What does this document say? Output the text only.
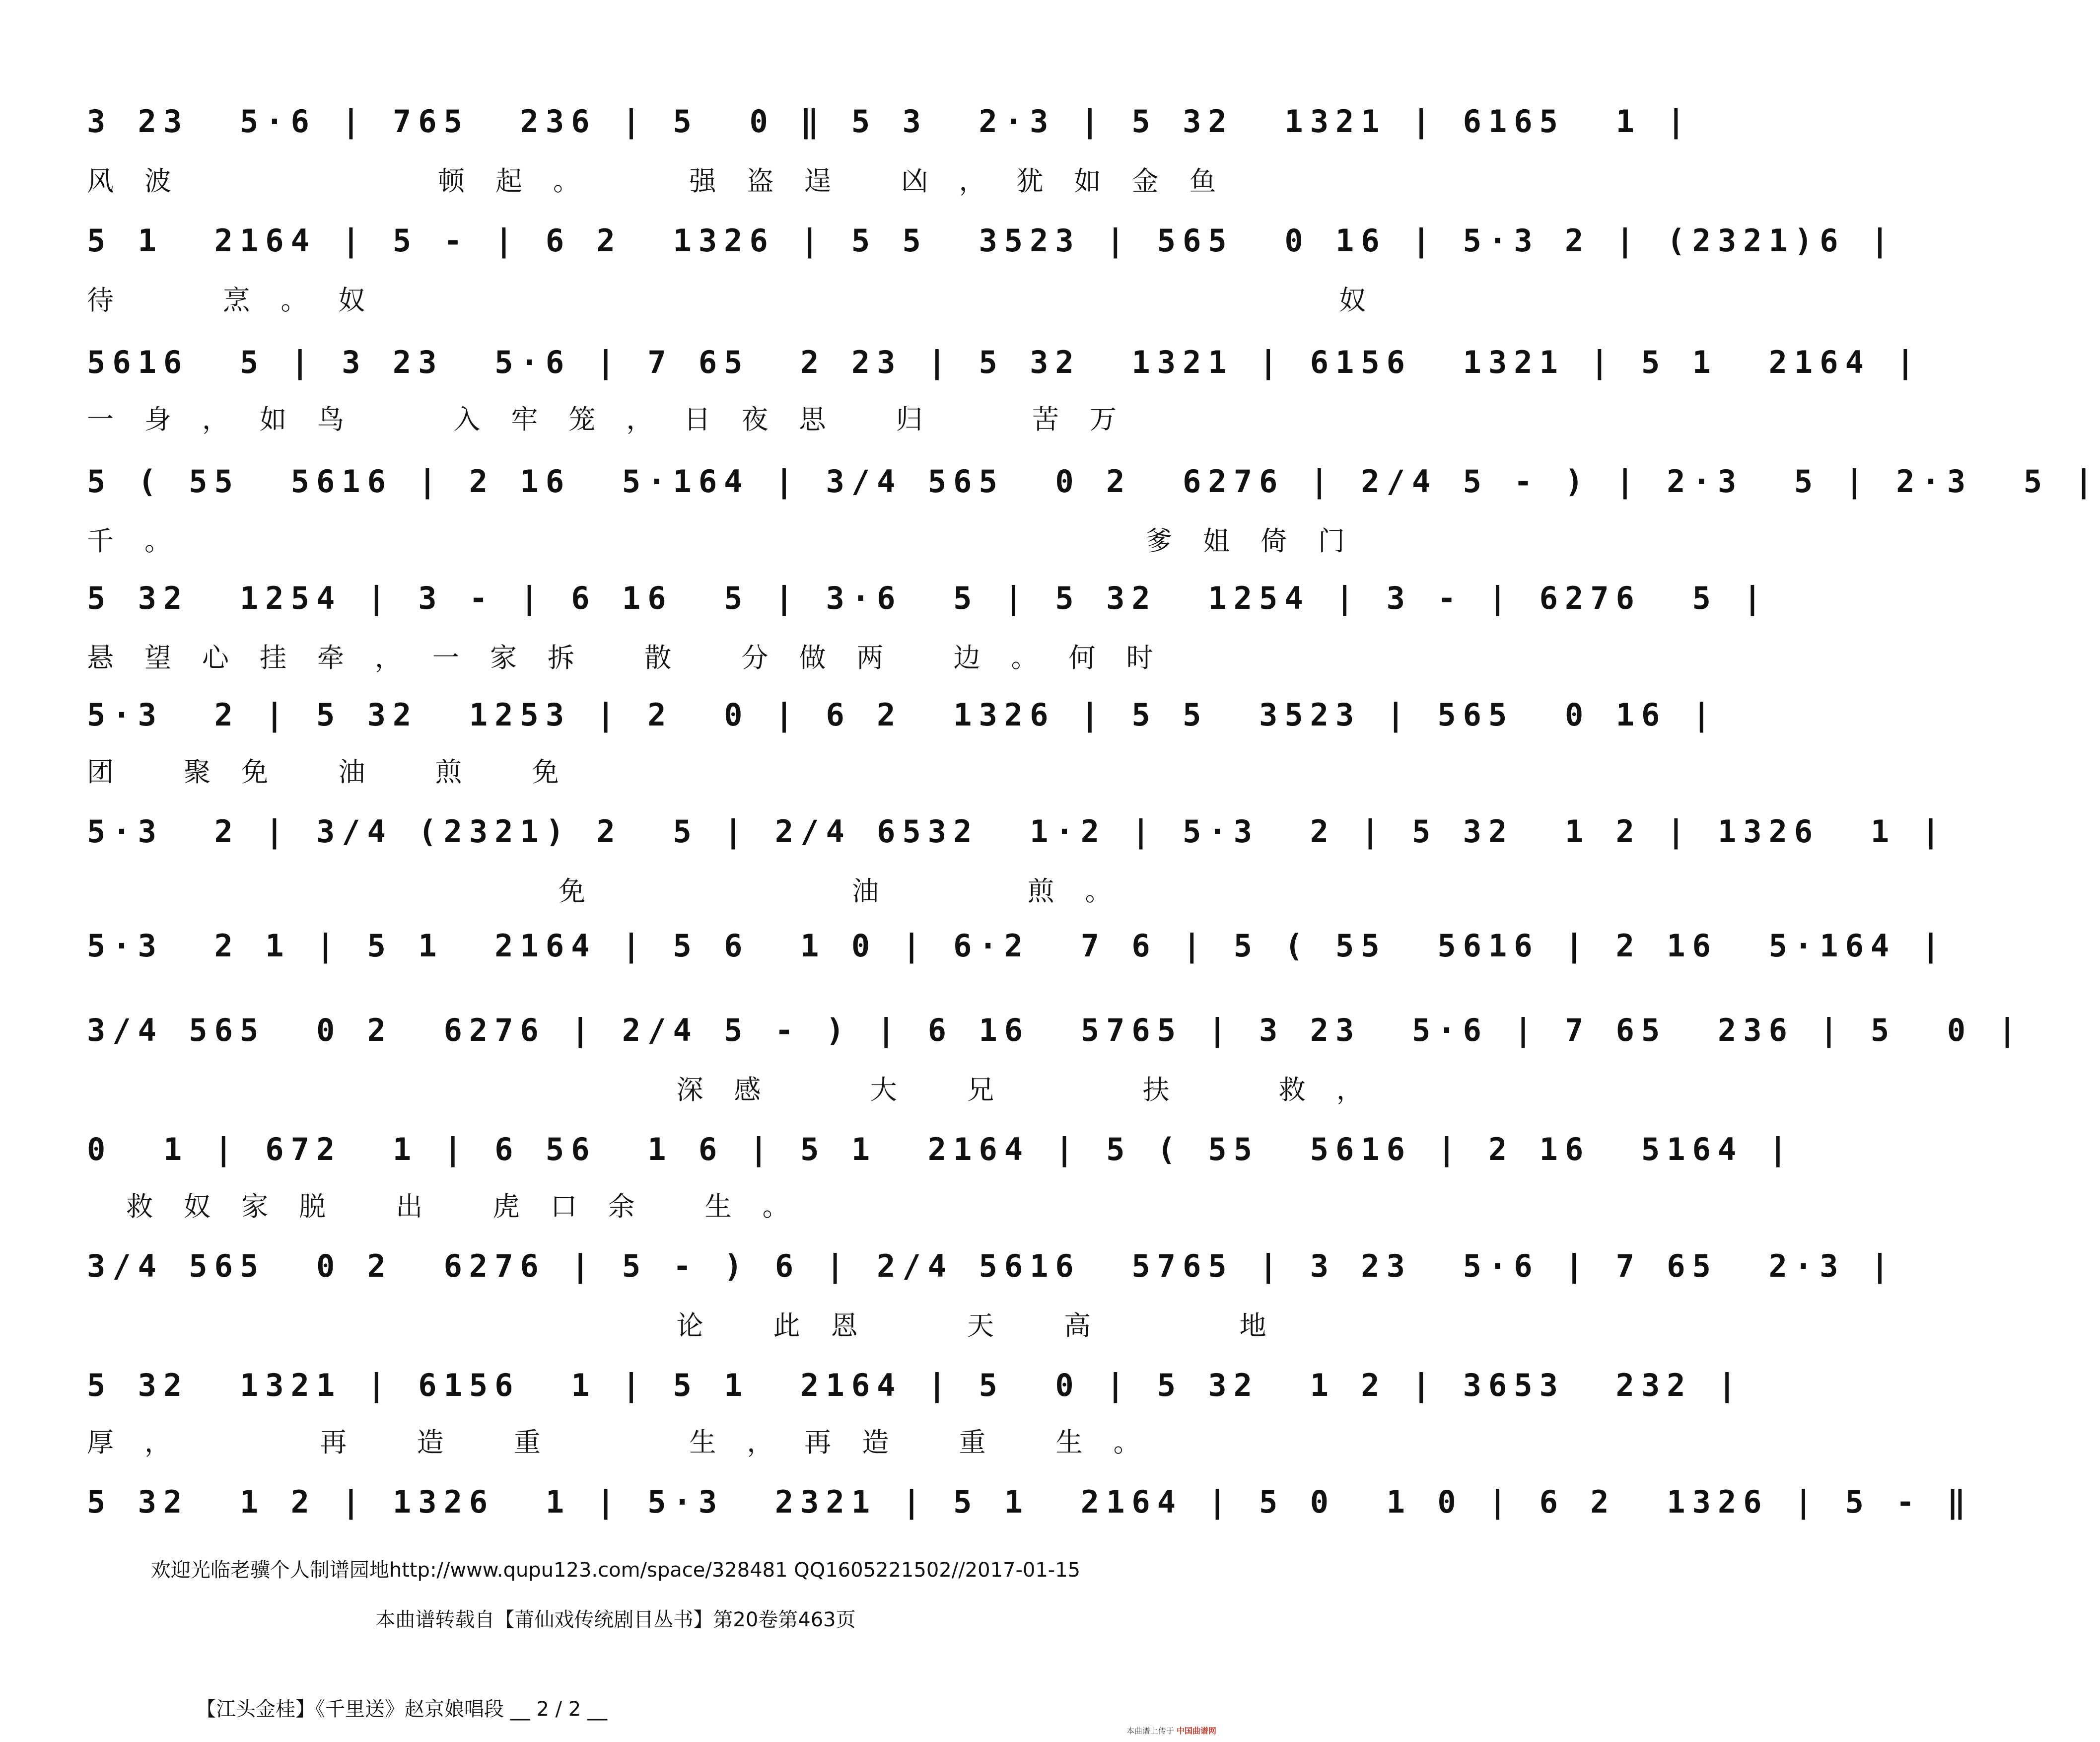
3 23  5·6 | 765  236 | 5  0 ‖ 5 3  2·3 | 5 32  1321 | 6165  1 |
风波      顿起。  强盗逞 凶，犹如金鱼
5 1  2164 | 5 - | 6 2  1326 | 5 5  3523 | 565  0 16 | 5·3 2 | (2321)6 |
待  烹。奴                        奴
5616  5 | 3 23  5·6 | 7 65  2 23 | 5 32  1321 | 6156  1321 | 5 1  2164 |
一身，如鸟  入牢笼，日夜思 归  苦万
5 ( 55  5616 | 2 16  5·164 | 3/4 565  0 2  6276 | 2/4 5 - ) | 2·3  5 | 2·3  5 |
千。                        爹姐倚门
5 32  1254 | 3 - | 6 16  5 | 3·6  5 | 5 32  1254 | 3 - | 6276  5 |
悬望心挂牵，一家拆 散 分做两 边。何时
5·3  2 | 5 32  1253 | 2  0 | 6 2  1326 | 5 5  3523 | 565  0 16 |
团 聚免 油 煎 免
5·3  2 | 3/4 (2321) 2  5 | 2/4 6532  1·2 | 5·3  2 | 5 32  1 2 | 1326  1 |
免      油   煎。
5·3  2 1 | 5 1  2164 | 5 6  1 0 | 6·2  7 6 | 5 ( 55  5616 | 2 16  5·164 |
3/4 565  0 2  6276 | 2/4 5 - ) | 6 16  5765 | 3 23  5·6 | 7 65  236 | 5  0 |
深感  大 兄   扶  救，
0  1 | 672  1 | 6 56  1 6 | 5 1  2164 | 5 ( 55  5616 | 2 16  5164 |
救奴家脱 出 虎口余 生。
3/4 565  0 2  6276 | 5 - ) 6 | 2/4 5616  5765 | 3 23  5·6 | 7 65  2·3 |
论 此恩  天 高   地
5 32  1321 | 6156  1 | 5 1  2164 | 5  0 | 5 32  1 2 | 3653  232 |
厚，   再 造 重   生，再造 重 生。
5 32  1 2 | 1326  1 | 5·3  2321 | 5 1  2164 | 5 0  1 0 | 6 2  1326 | 5 - ‖
欢迎光临老骥个人制谱园地http://www.qupu123.com/space/328481 QQ1605221502//2017-01-15
本曲谱转载自【莆仙戏传统剧目丛书】第20卷第463页
【江头金桂】《千里送》赵京娘唱段 __ 2 / 2 __
本曲谱上传于 中国曲谱网
